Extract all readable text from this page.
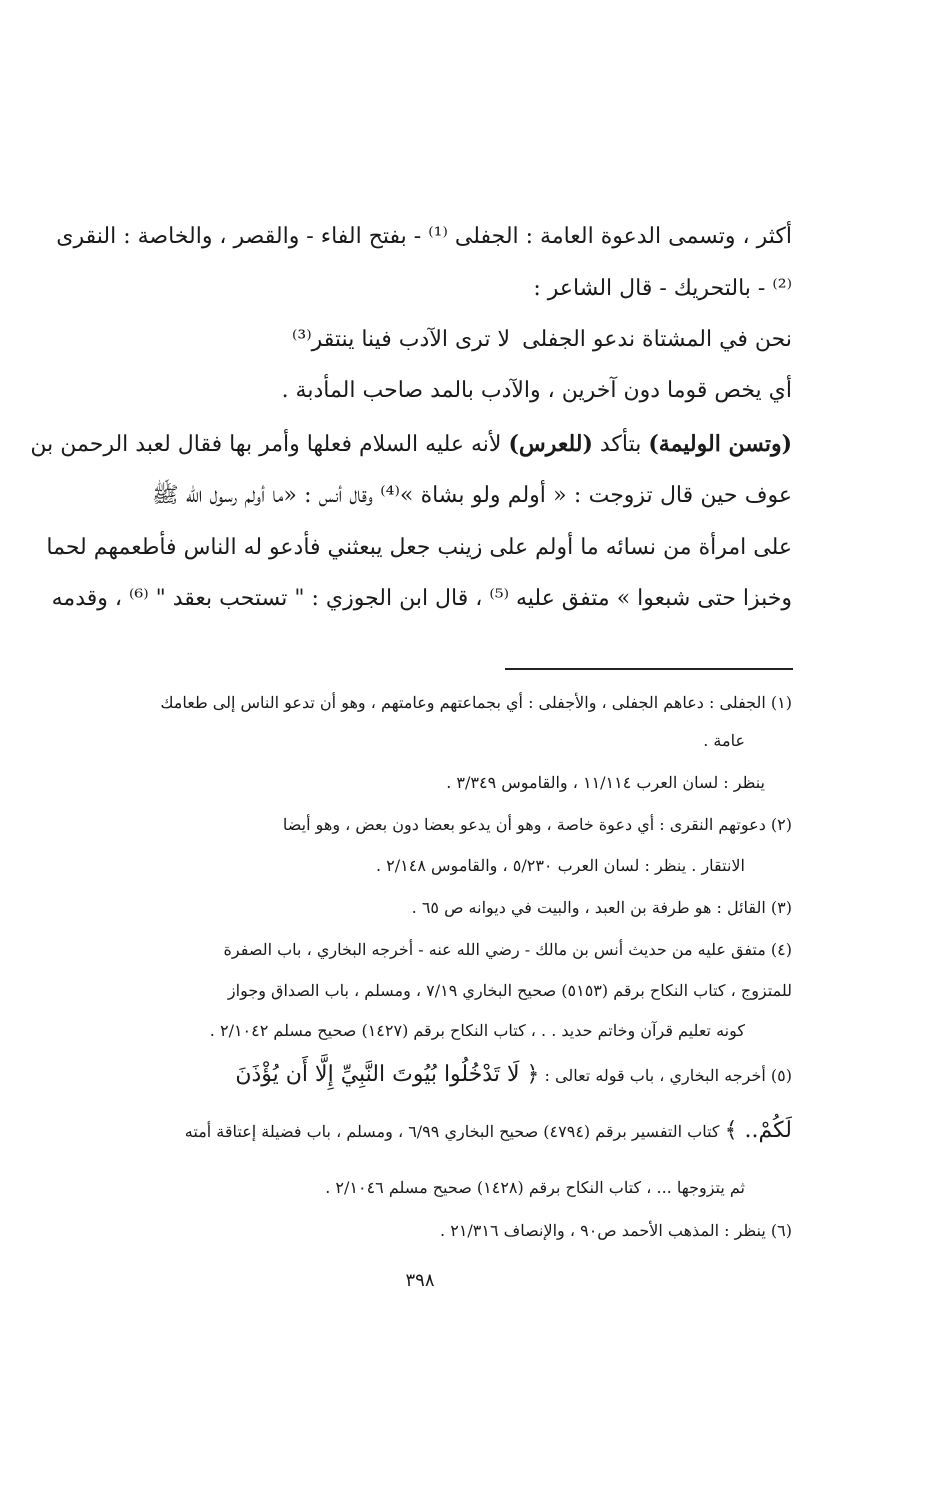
أكثر ، وتسمى الدعوة العامة : الجفلى ⁽¹⁾ - بفتح الفاء - والقصر ، والخاصة : النقرى
⁽²⁾ - بالتحريك - قال الشاعر :
نحن في المشتاة ندعو الجفلى
لا ترى الآدب فينا ينتقر⁽³⁾
أي يخص قوما دون آخرين ، والآدب بالمد صاحب المأدبة .
(وتسن الوليمة) بتأكد (للعرس) لأنه عليه السلام فعلها وأمر بها فقال لعبد الرحمن بن
عوف حين قال تزوجت : « أولم ولو بشاة »⁽⁴⁾ وقال أنس : «ما أولم رسول الله ﷺ
على امرأة من نسائه ما أولم على زينب جعل يبعثني فأدعو له الناس فأطعمهم لحما
وخبزا حتى شبعوا » متفق عليه ⁽⁵⁾ ، قال ابن الجوزي : " تستحب بعقد " ⁽⁶⁾ ، وقدمه
(١) الجفلى : دعاهم الجفلى ، والأجفلى : أي بجماعتهم وعامتهم ، وهو أن تدعو الناس إلى طعامك
عامة .
ينظر : لسان العرب ١١/١١٤ ، والقاموس ٣/٣٤٩ .
(٢) دعوتهم النقرى : أي دعوة خاصة ، وهو أن يدعو بعضا دون بعض ، وهو أيضا
الانتقار . ينظر : لسان العرب ٥/٢٣٠ ، والقاموس ٢/١٤٨ .
(٣) القائل : هو طرفة بن العبد ، والبيت في ديوانه ص ٦٥ .
(٤) متفق عليه من حديث أنس بن مالك - رضي الله عنه - أخرجه البخاري ، باب الصفرة
للمتزوج ، كتاب النكاح برقم (٥١٥٣) صحيح البخاري ٧/١٩ ، ومسلم ، باب الصداق وجواز
كونه تعليم قرآن وخاتم حديد . . ، كتاب النكاح برقم (١٤٢٧) صحيح مسلم ٢/١٠٤٢ .
(٥) أخرجه البخاري ، باب قوله تعالى : ﴿ لَا تَدْخُلُوا بُيُوتَ النَّبِيِّ إِلَّا أَن يُؤْذَنَ
لَكُمْ.. ﴾ كتاب التفسير برقم (٤٧٩٤) صحيح البخاري ٦/٩٩ ، ومسلم ، باب فضيلة إعتاقة أمته
ثم يتزوجها ... ، كتاب النكاح برقم (١٤٢٨) صحيح مسلم ٢/١٠٤٦ .
(٦) ينظر : المذهب الأحمد ص٩٠ ، والإنصاف ٢١/٣١٦ .
٣٩٨
